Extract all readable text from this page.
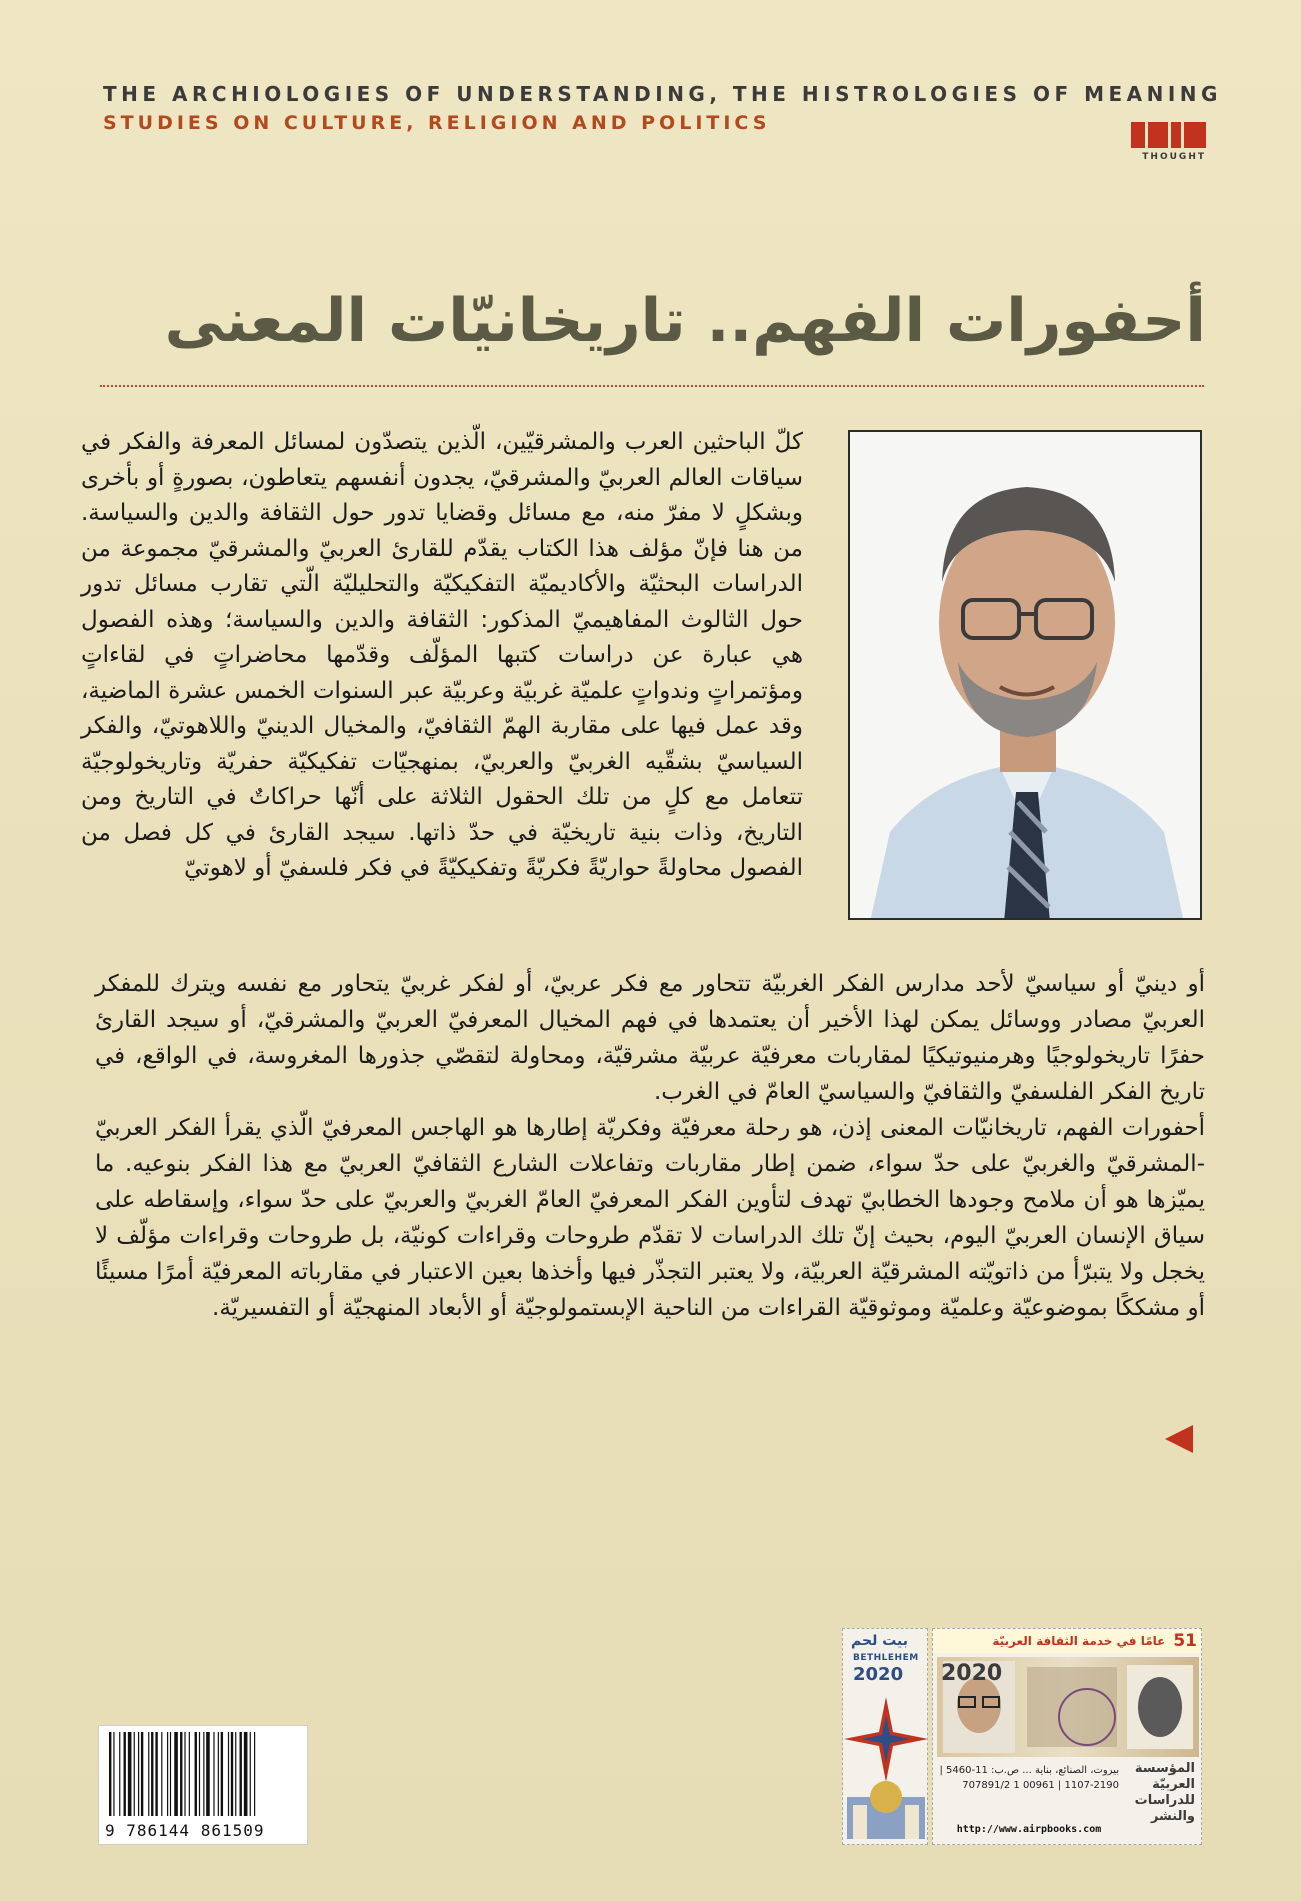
THE ARCHIOLOGIES OF UNDERSTANDING, THE HISTROLOGIES OF MEANING
STUDIES ON CULTURE, RELIGION AND POLITICS
THOUGHT
أحفورات الفهم.. تاريخانيّات المعنى
كلّ الباحثين العرب والمشرقيّين، الّذين يتصدّون لمسائل المعرفة والفكر في سياقات العالم العربيّ والمشرقيّ، يجدون أنفسهم يتعاطون، بصورةٍ أو بأخرى وبشكلٍ لا مفرّ منه، مع مسائل وقضايا تدور حول الثقافة والدين والسياسة. من هنا فإنّ مؤلف هذا الكتاب يقدّم للقارئ العربيّ والمشرقيّ مجموعة من الدراسات البحثيّة والأكاديميّة التفكيكيّة والتحليليّة الّتي تقارب مسائل تدور حول الثالوث المفاهيميّ المذكور: الثقافة والدين والسياسة؛ وهذه الفصول هي عبارة عن دراسات كتبها المؤلّف وقدّمها محاضراتٍ في لقاءاتٍ ومؤتمراتٍ وندواتٍ علميّة غربيّة وعربيّة عبر السنوات الخمس عشرة الماضية، وقد عمل فيها على مقاربة الهمّ الثقافيّ، والمخيال الدينيّ واللاهوتيّ، والفكر السياسيّ بشقّيه الغربيّ والعربيّ، بمنهجيّات تفكيكيّة حفريّة وتاريخولوجيّة تتعامل مع كلٍ من تلك الحقول الثلاثة على أنّها حراكاتٌ في التاريخ ومن التاريخ، وذات بنية تاريخيّة في حدّ ذاتها. سيجد القارئ في كل فصل من الفصول محاولةً حواريّةً فكريّةً وتفكيكيّةً في فكر فلسفيّ أو لاهوتيّ

أو دينيّ أو سياسيّ لأحد مدارس الفكر الغربيّة تتحاور مع فكر عربيّ، أو لفكر غربيّ يتحاور مع نفسه ويترك للمفكر العربيّ مصادر ووسائل يمكن لهذا الأخير أن يعتمدها في فهم المخيال المعرفيّ العربيّ والمشرقيّ، أو سيجد القارئ حفرًا تاريخولوجيًا وهرمنيوتيكيًا لمقاربات معرفيّة عربيّة مشرقيّة، ومحاولة لتقصّي جذورها المغروسة، في الواقع، في تاريخ الفكر الفلسفيّ والثقافيّ والسياسيّ العامّ في الغرب.

أحفورات الفهم، تاريخانيّات المعنى إذن، هو رحلة معرفيّة وفكريّة إطارها هو الهاجس المعرفيّ الّذي يقرأ الفكر العربيّ -المشرقيّ والغربيّ على حدّ سواء، ضمن إطار مقاربات وتفاعلات الشارع الثقافيّ العربيّ مع هذا الفكر بنوعيه. ما يميّزها هو أن ملامح وجودها الخطابيّ تهدف لتأوين الفكر المعرفيّ العامّ الغربيّ والعربيّ على حدّ سواء، وإسقاطه على سياق الإنسان العربيّ اليوم، بحيث إنّ تلك الدراسات لا تقدّم طروحات وقراءات كونيّة، بل طروحات وقراءات مؤلّف لا يخجل ولا يتبرّأ من ذاتويّته المشرقيّة العربيّة، ولا يعتبر التجذّر فيها وأخذها بعين الاعتبار في مقارباته المعرفيّة أمرًا مسيئًا أو مشككًا بموضوعيّة وعلميّة وموثوقيّة القراءات من الناحية الإبستمولوجيّة أو الأبعاد المنهجيّة أو التفسيريّة.

9 786144 861509
بيت لحم
BETHLEHEM
2020
51
عامًا في خدمة الثقافة العربيّة
2020
المؤسسة العربيّة للدراسات والنشر
بيروت، الصنائع، بناية ... ص.ب: 11-5460 | 2190-1107 | 00961 1 707891/2
http://www.airpbooks.com
